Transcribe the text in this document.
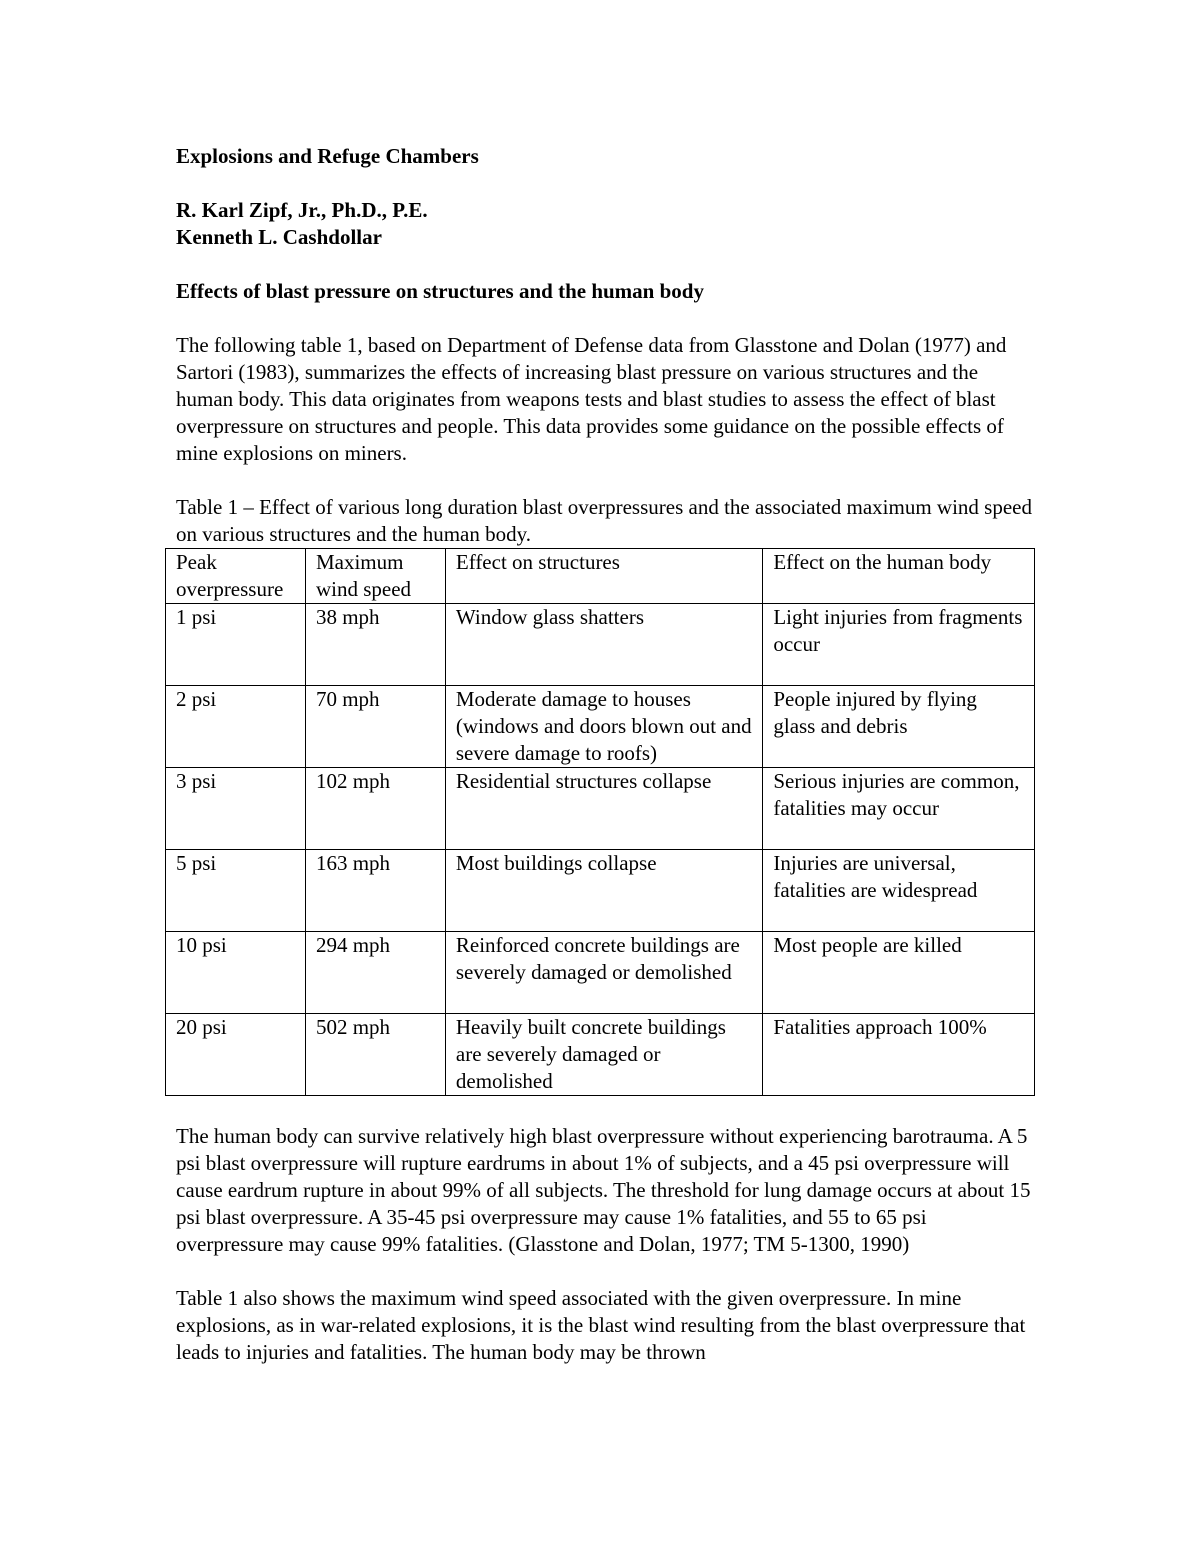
Explosions and Refuge Chambers
R. Karl Zipf, Jr., Ph.D., P.E.
Kenneth L. Cashdollar
Effects of blast pressure on structures and the human body

The following table 1, based on Department of Defense data from Glasstone and Dolan (1977) and Sartori (1983), summarizes the effects of increasing blast pressure on various structures and the human body. This data originates from weapons tests and blast studies to assess the effect of blast overpressure on structures and people. This data provides some guidance on the possible effects of mine explosions on miners.

Table 1 – Effect of various long duration blast overpressures and the associated maximum wind speed on various structures and the human body.
Peak overpressure	Maximum wind speed	Effect on structures	Effect on the human body
1 psi	38 mph	Window glass shatters	Light injuries from fragments occur
2 psi	70 mph	Moderate damage to houses (windows and doors blown out and severe damage to roofs)	People injured by flying glass and debris
3 psi	102 mph	Residential structures collapse	Serious injuries are common, fatalities may occur
5 psi	163 mph	Most buildings collapse	Injuries are universal, fatalities are widespread
10 psi	294 mph	Reinforced concrete buildings are severely damaged or demolished	Most people are killed
20 psi	502 mph	Heavily built concrete buildings are severely damaged or demolished	Fatalities approach 100%

The human body can survive relatively high blast overpressure without experiencing barotrauma. A 5 psi blast overpressure will rupture eardrums in about 1% of subjects, and a 45 psi overpressure will cause eardrum rupture in about 99% of all subjects. The threshold for lung damage occurs at about 15 psi blast overpressure. A 35-45 psi overpressure may cause 1% fatalities, and 55 to 65 psi overpressure may cause 99% fatalities. (Glasstone and Dolan, 1977; TM 5-1300, 1990)

Table 1 also shows the maximum wind speed associated with the given overpressure. In mine explosions, as in war-related explosions, it is the blast wind resulting from the blast overpressure that leads to injuries and fatalities. The human body may be thrown
